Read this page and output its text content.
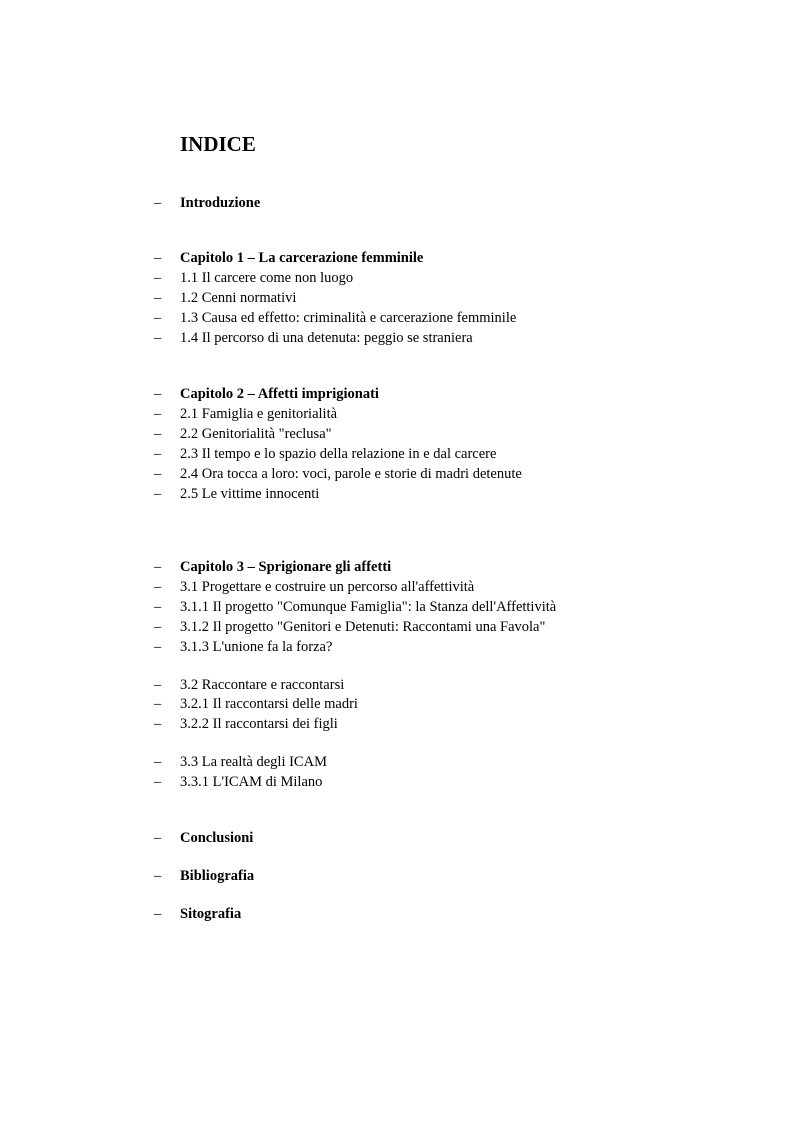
INDICE
– Introduzione
– Capitolo 1 – La carcerazione femminile
– 1.1 Il carcere come non luogo
– 1.2 Cenni normativi
– 1.3 Causa ed effetto: criminalità e carcerazione femminile
– 1.4 Il percorso di una detenuta: peggio se straniera
– Capitolo 2 – Affetti imprigionati
– 2.1 Famiglia e genitorialità
– 2.2 Genitorialità "reclusa"
– 2.3 Il tempo e lo spazio della relazione in e dal carcere
– 2.4 Ora tocca a loro: voci, parole e storie di madri detenute
– 2.5 Le vittime innocenti
– Capitolo 3 – Sprigionare gli affetti
– 3.1 Progettare e costruire un percorso all'affettività
– 3.1.1 Il progetto "Comunque Famiglia": la Stanza dell'Affettività
– 3.1.2 Il progetto "Genitori e Detenuti: Raccontami una Favola"
– 3.1.3 L'unione fa la forza?
– 3.2 Raccontare e raccontarsi
– 3.2.1 Il raccontarsi delle madri
– 3.2.2 Il raccontarsi dei figli
– 3.3 La realtà degli ICAM
– 3.3.1 L'ICAM di Milano
– Conclusioni
– Bibliografia
– Sitografia
